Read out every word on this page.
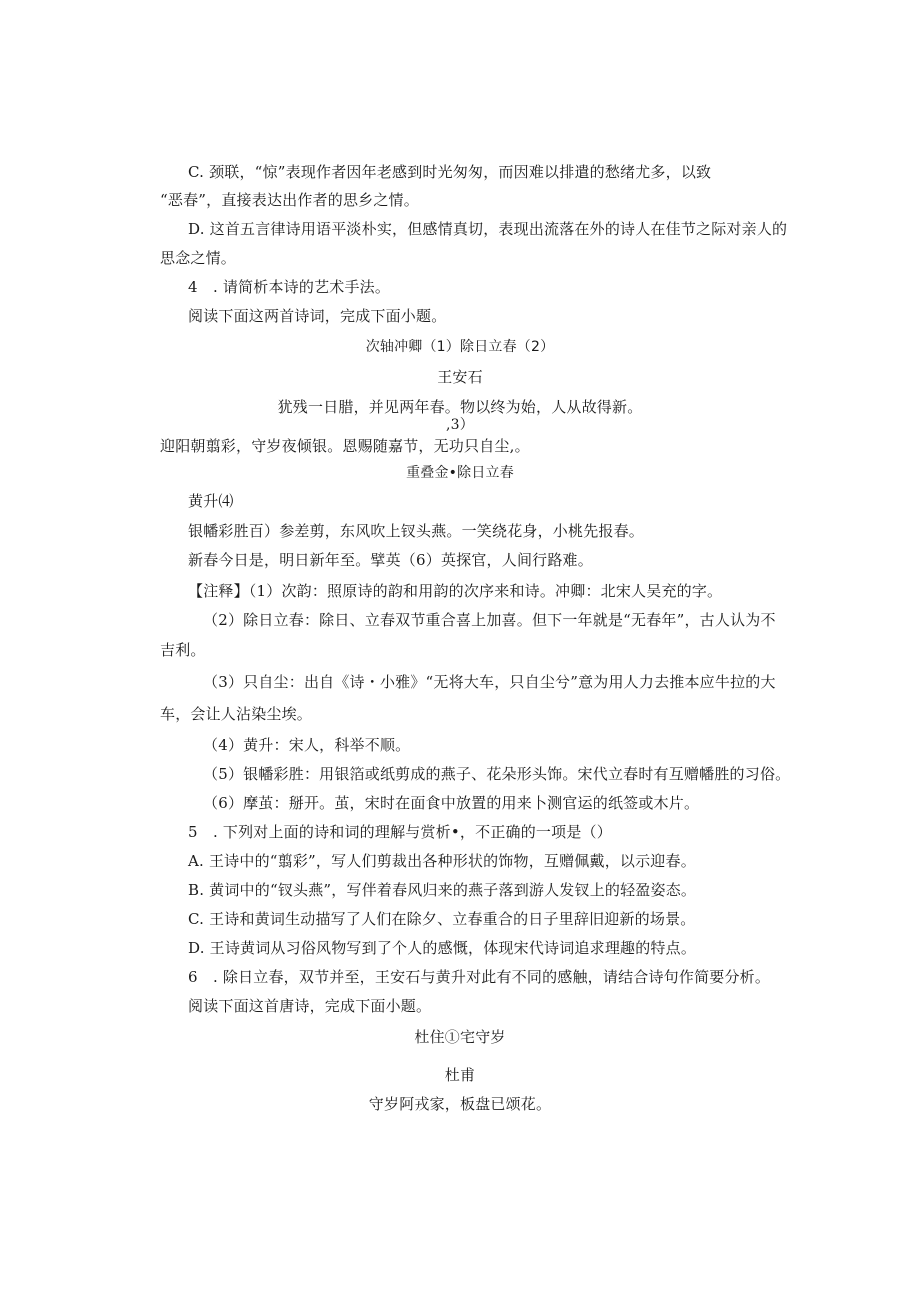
C. 颈联，“惊”表现作者因年老感到时光匆匆，而因难以排遣的愁绪尤多，以致
“恶春”，直接表达出作者的思乡之情。
D. 这首五言律诗用语平淡朴实，但感情真切，表现出流落在外的诗人在佳节之际对亲人的
思念之情。
4　. 请简析本诗的艺术手法。
阅读下面这两首诗词，完成下面小题。
次轴冲卿（1）除日立春（2）
王安石
犹残一日腊，并见两年春。物以终为始，人从故得新。
,3）
迎阳朝翦彩，守岁夜倾银。恩赐随嘉节，无功只自尘,。
重叠金•除日立春
黄升⑷
银幡彩胜百）参差剪，东风吹上钗头燕。一笑绕花身，小桃先报春。
新春今日是，明日新年至。擘英（6）英探官，人间行路难。
【注释】（1）次韵：照原诗的韵和用韵的次序来和诗。冲卿：北宋人吴充的字。
（2）除日立春：除日、立春双节重合喜上加喜。但下一年就是“无春年”，古人认为不
吉利。
（3）只自尘：出自《诗・小雅》“无将大车，只自尘兮”意为用人力去推本应牛拉的大
车，会让人沾染尘埃。
（4）黄升：宋人，科举不顺。
（5）银幡彩胜：用银箔或纸剪成的燕子、花朵形头饰。宋代立春时有互赠幡胜的习俗。
（6）摩茧：掰开。茧，宋时在面食中放置的用来卜测官运的纸签或木片。
5　. 下列对上面的诗和词的理解与赏析•，不正确的一项是（）
A. 王诗中的“翦彩”，写人们剪裁出各种形状的饰物，互赠佩戴，以示迎春。
B. 黄词中的“钗头燕”，写伴着春风归来的燕子落到游人发钗上的轻盈姿态。
C. 王诗和黄词生动描写了人们在除夕、立春重合的日子里辞旧迎新的场景。
D. 王诗黄词从习俗风物写到了个人的感慨，体现宋代诗词追求理趣的特点。
6　. 除日立春，双节并至，王安石与黄升对此有不同的感触，请结合诗句作简要分析。
阅读下面这首唐诗，完成下面小题。
杜住①宅守岁
杜甫
守岁阿戎家，板盘已颂花。
